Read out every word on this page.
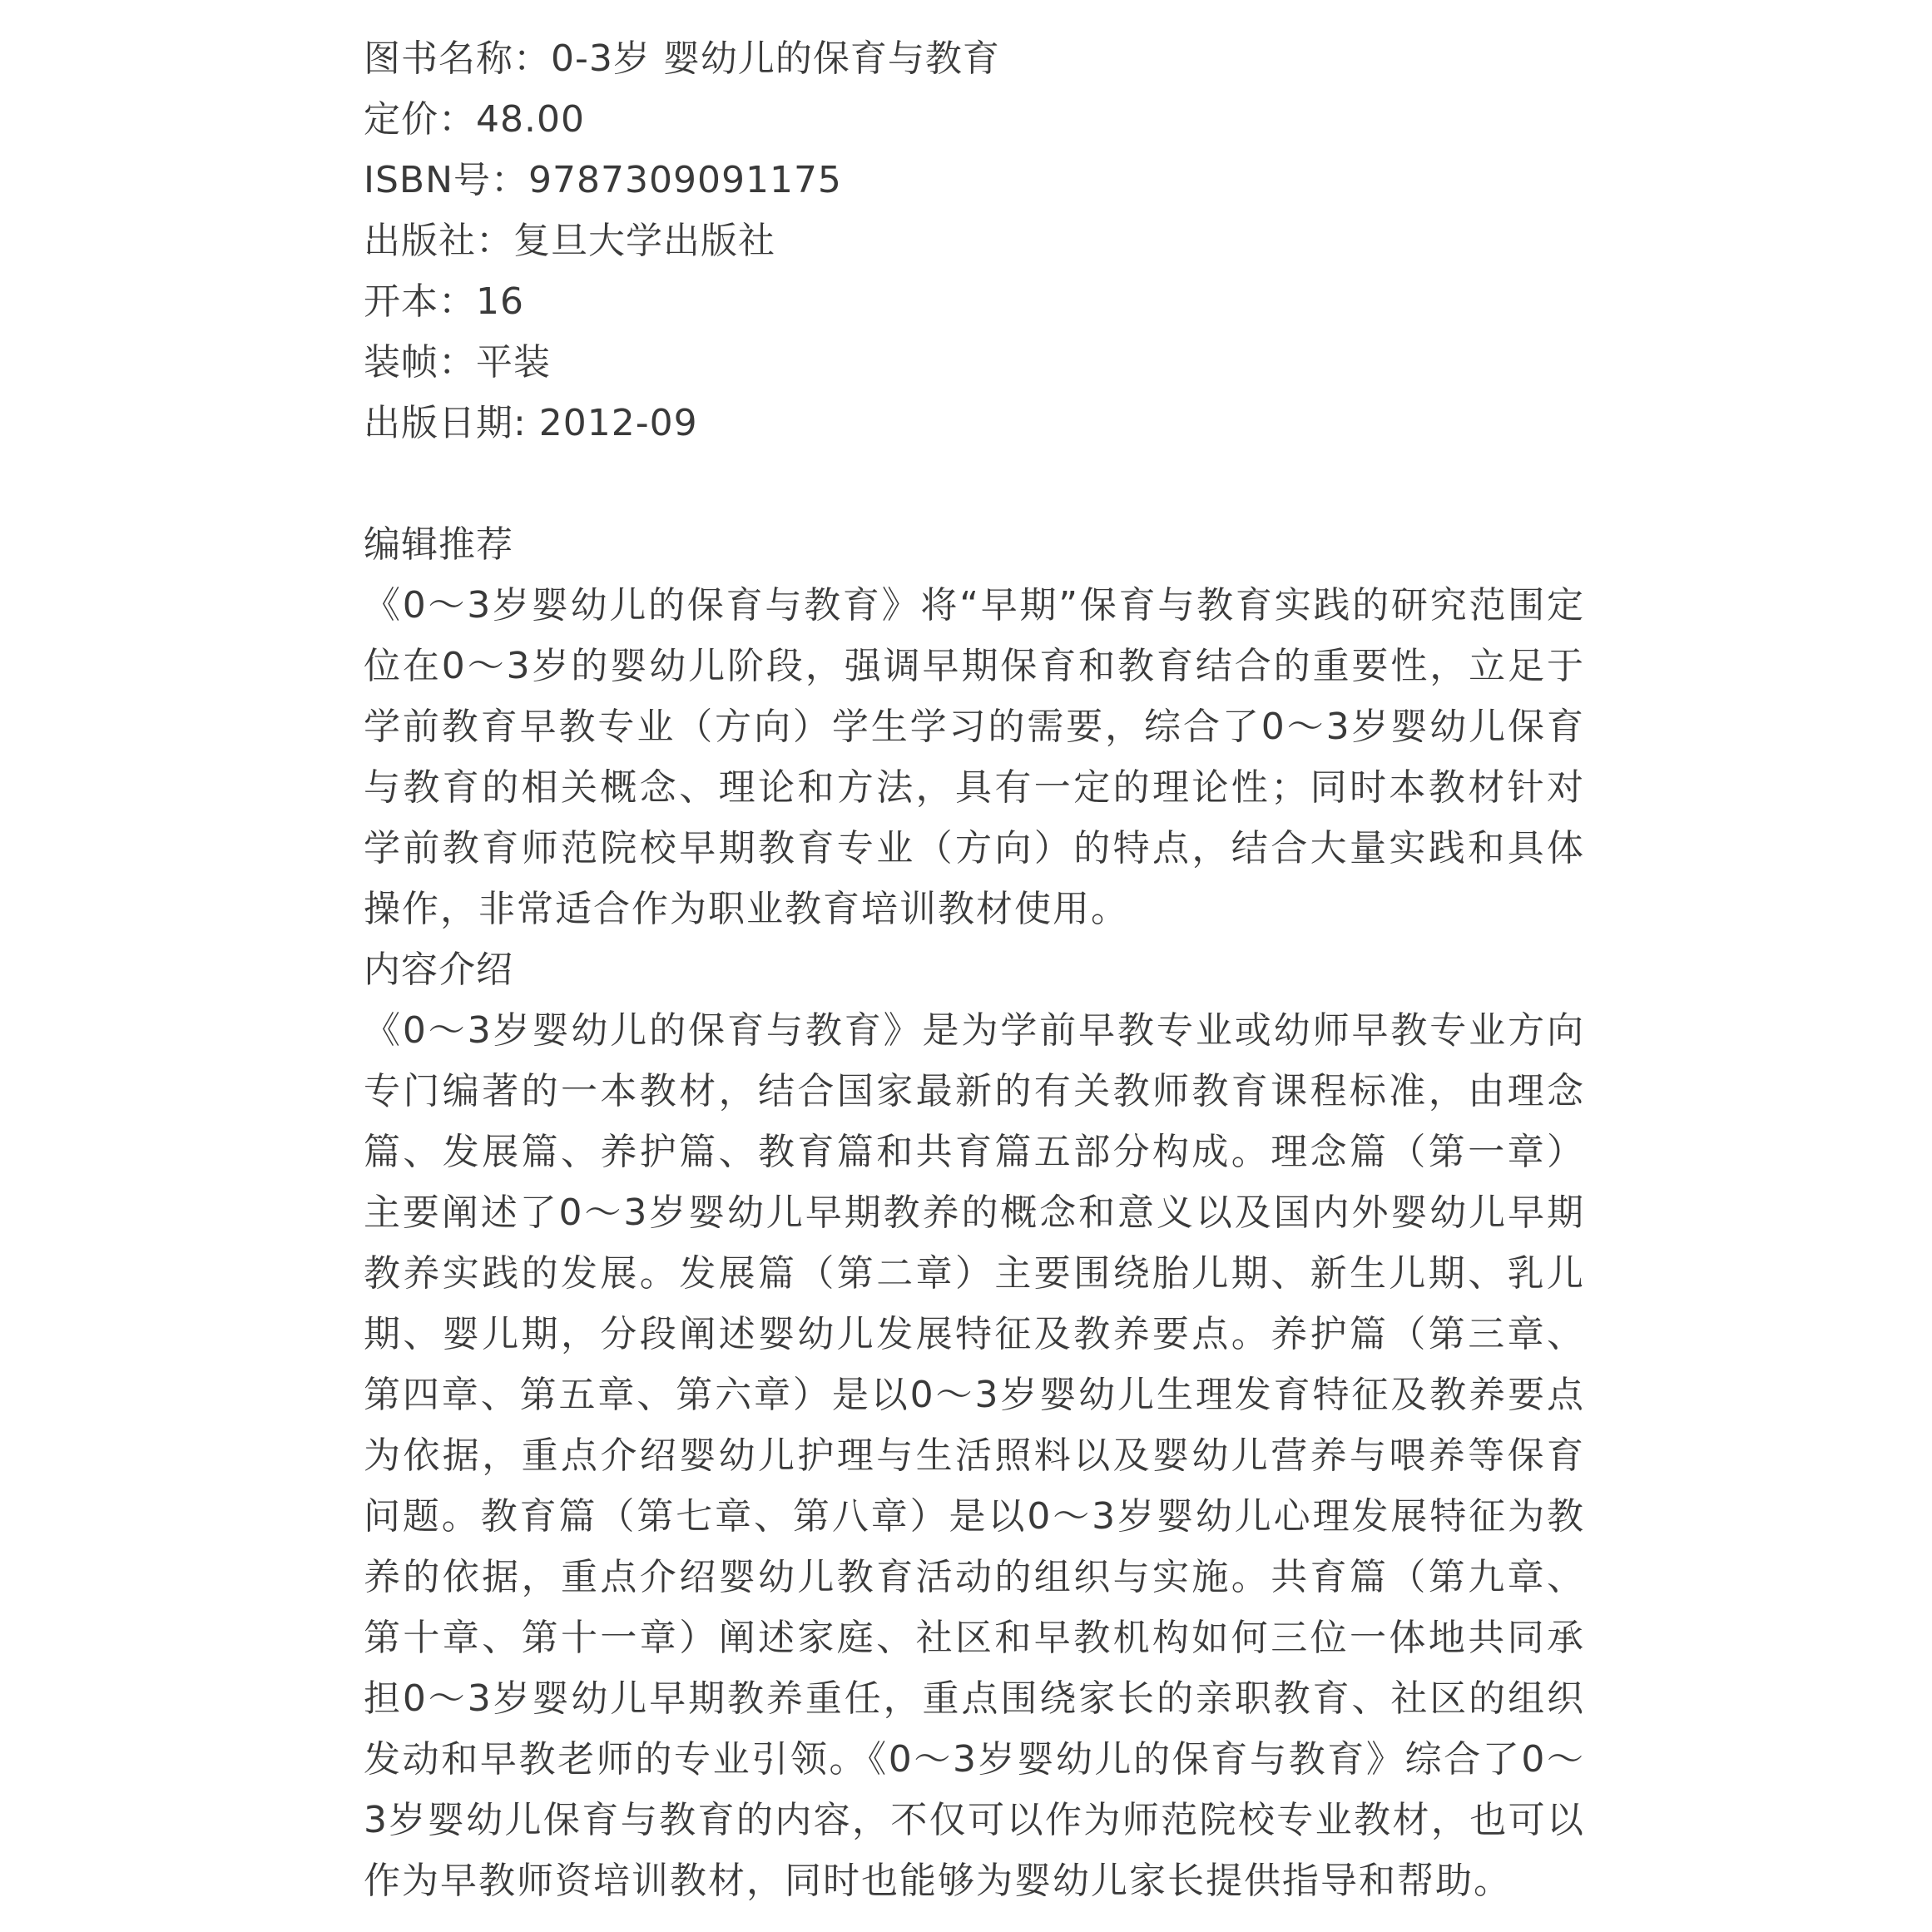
图书名称：0-3岁 婴幼儿的保育与教育
定价：48.00
ISBN号：9787309091175
出版社：复旦大学出版社
开本：16
装帧：平装
出版日期: 2012-09
编辑推荐

《0～3岁婴幼儿的保育与教育》将“早期”保育与教育实践的研究范围定位在0～3岁的婴幼儿阶段，强调早期保育和教育结合的重要性，立足于学前教育早教专业（方向）学生学习的需要，综合了0～3岁婴幼儿保育与教育的相关概念、理论和方法，具有一定的理论性；同时本教材针对学前教育师范院校早期教育专业（方向）的特点，结合大量实践和具体操作，非常适合作为职业教育培训教材使用。

内容介绍

《0～3岁婴幼儿的保育与教育》是为学前早教专业或幼师早教专业方向专门编著的一本教材，结合国家最新的有关教师教育课程标准，由理念篇、发展篇、养护篇、教育篇和共育篇五部分构成。理念篇（第一章）主要阐述了0～3岁婴幼儿早期教养的概念和意义以及国内外婴幼儿早期教养实践的发展。发展篇（第二章）主要围绕胎儿期、新生儿期、乳儿期、婴儿期，分段阐述婴幼儿发展特征及教养要点。养护篇（第三章、第四章、第五章、第六章）是以0～3岁婴幼儿生理发育特征及教养要点为依据，重点介绍婴幼儿护理与生活照料以及婴幼儿营养与喂养等保育问题。教育篇（第七章、第八章）是以0～3岁婴幼儿心理发展特征为教养的依据，重点介绍婴幼儿教育活动的组织与实施。共育篇（第九章、第十章、第十一章）阐述家庭、社区和早教机构如何三位一体地共同承担0～3岁婴幼儿早期教养重任，重点围绕家长的亲职教育、社区的组织发动和早教老师的专业引领。《0～3岁婴幼儿的保育与教育》综合了0～3岁婴幼儿保育与教育的内容，不仅可以作为师范院校专业教材，也可以作为早教师资培训教材，同时也能够为婴幼儿家长提供指导和帮助。
